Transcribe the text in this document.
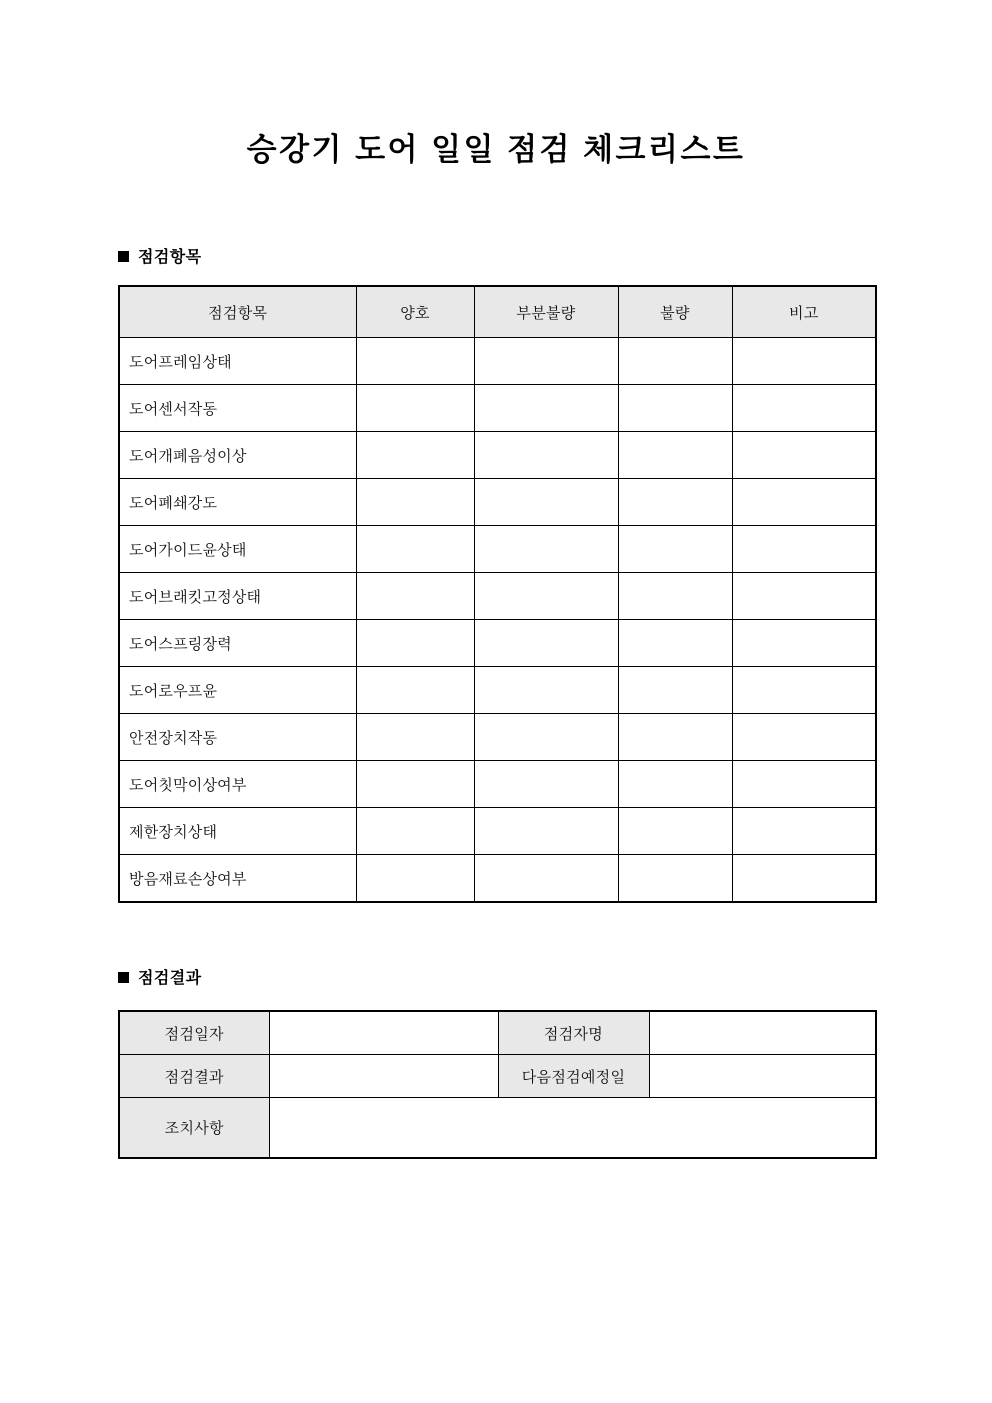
승강기 도어 일일 점검 체크리스트
점검항목
점검항목	양호	부분불량	불량	비고
도어프레임상태				
도어센서작동				
도어개폐음성이상				
도어폐쇄강도				
도어가이드윤상태				
도어브래킷고정상태				
도어스프링장력				
도어로우프윤				
안전장치작동				
도어칫막이상여부				
제한장치상태				
방음재료손상여부				
점검결과
점검일자		점검자명	
점검결과		다음점검예정일	
조치사항			
